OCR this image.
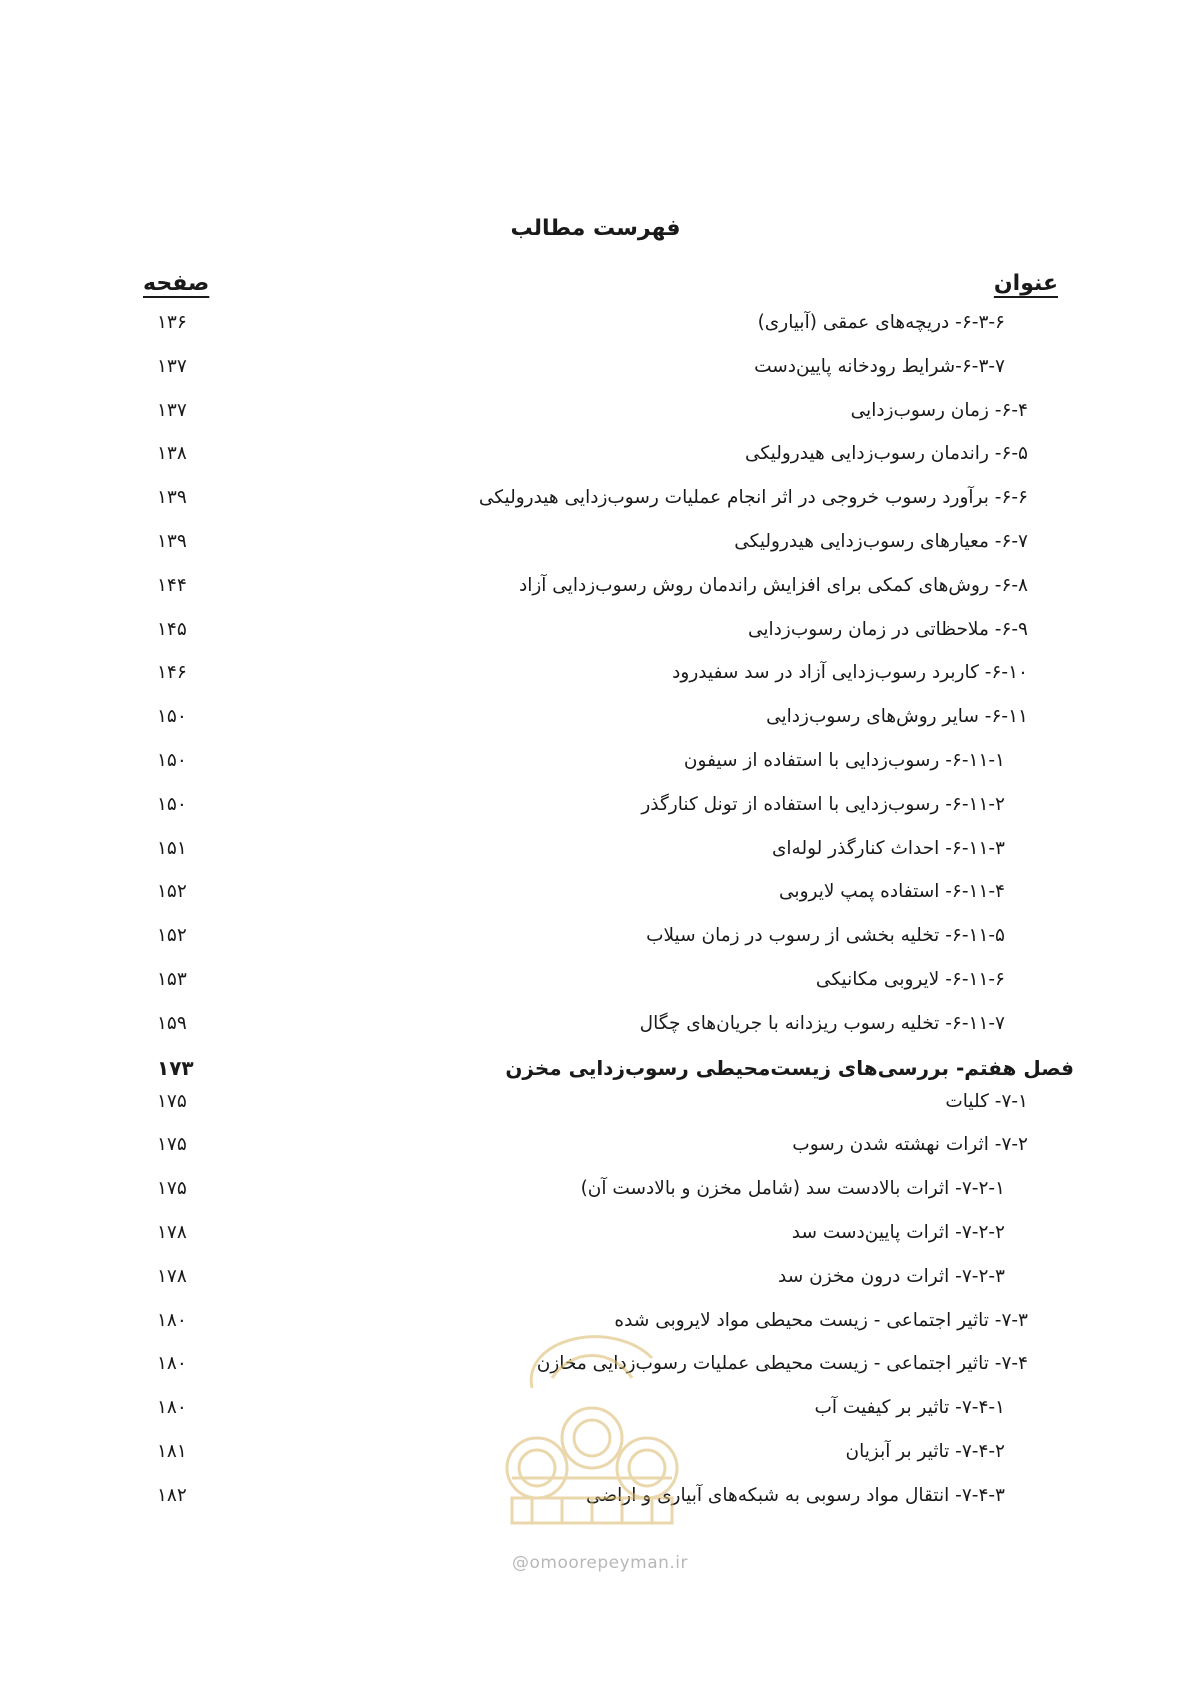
فهرست مطالب
عنوان
صفحه
۶-۳-۶- دریچه‌های عمقی (آبیاری)
۱۳۶
۶-۳-۷-شرایط رودخانه پایین‌دست
۱۳۷
۶-۴- زمان رسوب‌زدایی
۱۳۷
۶-۵- راندمان رسوب‌زدایی هیدرولیکی
۱۳۸
۶-۶- برآورد رسوب خروجی در اثر انجام عملیات رسوب‌زدایی هیدرولیکی
۱۳۹
۶-۷- معیارهای رسوب‌زدایی هیدرولیکی
۱۳۹
۶-۸- روش‌های کمکی برای افزایش راندمان روش رسوب‌زدایی آزاد
۱۴۴
۶-۹- ملاحظاتی در زمان رسوب‌زدایی
۱۴۵
۶-۱۰- کاربرد رسوب‌زدایی آزاد در سد سفیدرود
۱۴۶
۶-۱۱- سایر روش‌های رسوب‌زدایی
۱۵۰
۶-۱۱-۱- رسوب‌زدایی با استفاده از سیفون
۱۵۰
۶-۱۱-۲- رسوب‌زدایی با استفاده از تونل کنارگذر
۱۵۰
۶-۱۱-۳- احداث کنارگذر لوله‌ای
۱۵۱
۶-۱۱-۴- استفاده پمپ لایروبی
۱۵۲
۶-۱۱-۵- تخلیه بخشی از رسوب در زمان سیلاب
۱۵۲
۶-۱۱-۶- لایروبی مکانیکی
۱۵۳
۶-۱۱-۷- تخلیه رسوب ریزدانه با جریان‌های چگال
۱۵۹
فصل هفتم- بررسی‌های زیست‌محیطی رسوب‌زدایی مخزن
۱۷۳
۷-۱- کلیات
۱۷۵
۷-۲- اثرات نهشته شدن رسوب
۱۷۵
۷-۲-۱- اثرات بالادست سد (شامل مخزن و بالادست آن)
۱۷۵
۷-۲-۲- اثرات پایین‌دست سد
۱۷۸
۷-۲-۳- اثرات درون مخزن سد
۱۷۸
۷-۳- تاثیر اجتماعی - زیست محیطی مواد لایروبی شده
۱۸۰
۷-۴- تاثیر اجتماعی - زیست محیطی عملیات رسوب‌زدایی مخازن
۱۸۰
۷-۴-۱- تاثیر بر کیفیت آب
۱۸۰
۷-۴-۲- تاثیر بر آبزیان
۱۸۱
۷-۴-۳- انتقال مواد رسوبی به شبکه‌های آبیاری و اراضی
۱۸۲
@omoorepeyman.ir
